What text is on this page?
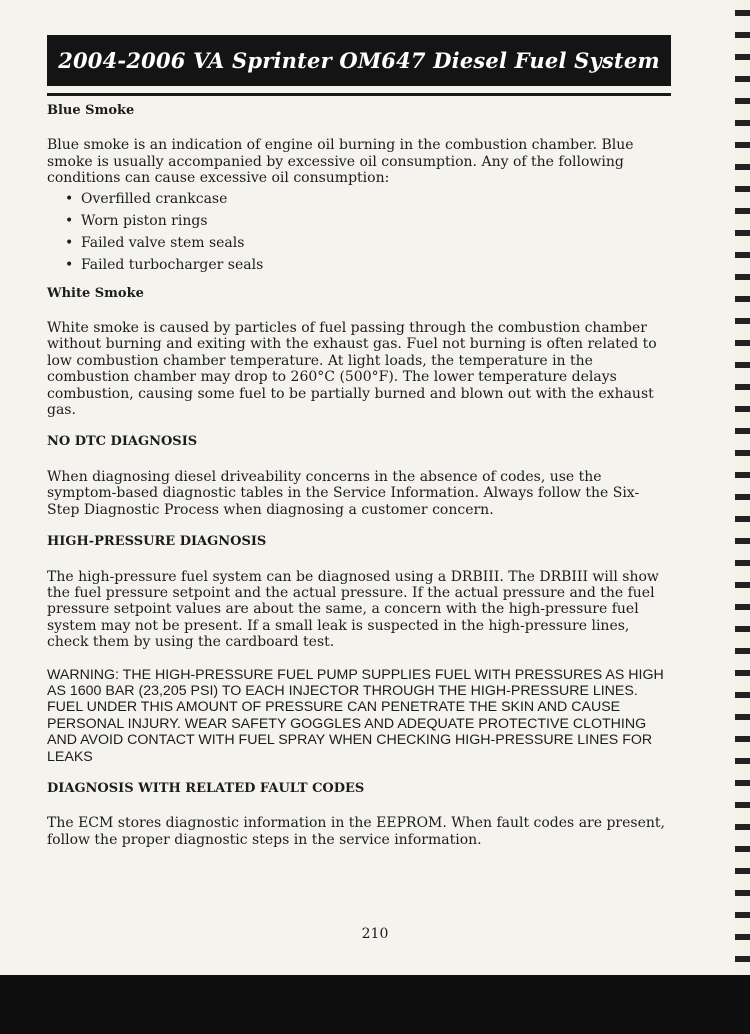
2004-2006 VA Sprinter OM647 Diesel Fuel System
Blue Smoke

Blue smoke is an indication of engine oil burning in the combustion chamber. Blue smoke is usually accompanied by excessive oil consumption. Any of the following conditions can cause excessive oil consumption:

• Overfilled crankcase
• Worn piston rings
• Failed valve stem seals
• Failed turbocharger seals
White Smoke

White smoke is caused by particles of fuel passing through the combustion chamber without burning and exiting with the exhaust gas. Fuel not burning is often related to low combustion chamber temperature. At light loads, the temperature in the combustion chamber may drop to 260°C (500°F). The lower temperature delays combustion, causing some fuel to be partially burned and blown out with the exhaust gas.

NO DTC DIAGNOSIS

When diagnosing diesel driveability concerns in the absence of codes, use the symptom-based diagnostic tables in the Service Information. Always follow the Six-Step Diagnostic Process when diagnosing a customer concern.

HIGH-PRESSURE DIAGNOSIS

The high-pressure fuel system can be diagnosed using a DRBIII. The DRBIII will show the fuel pressure setpoint and the actual pressure. If the actual pressure and the fuel pressure setpoint values are about the same, a concern with the high-pressure fuel system may not be present. If a small leak is suspected in the high-pressure lines, check them by using the cardboard test.

WARNING: THE HIGH-PRESSURE FUEL PUMP SUPPLIES FUEL WITH PRESSURES AS HIGH AS 1600 BAR (23,205 PSI) TO EACH INJECTOR THROUGH THE HIGH-PRESSURE LINES. FUEL UNDER THIS AMOUNT OF PRESSURE CAN PENETRATE THE SKIN AND CAUSE PERSONAL INJURY. WEAR SAFETY GOGGLES AND ADEQUATE PROTECTIVE CLOTHING AND AVOID CONTACT WITH FUEL SPRAY WHEN CHECKING HIGH-PRESSURE LINES FOR LEAKS

DIAGNOSIS WITH RELATED FAULT CODES

The ECM stores diagnostic information in the EEPROM. When fault codes are present, follow the proper diagnostic steps in the service information.

210
